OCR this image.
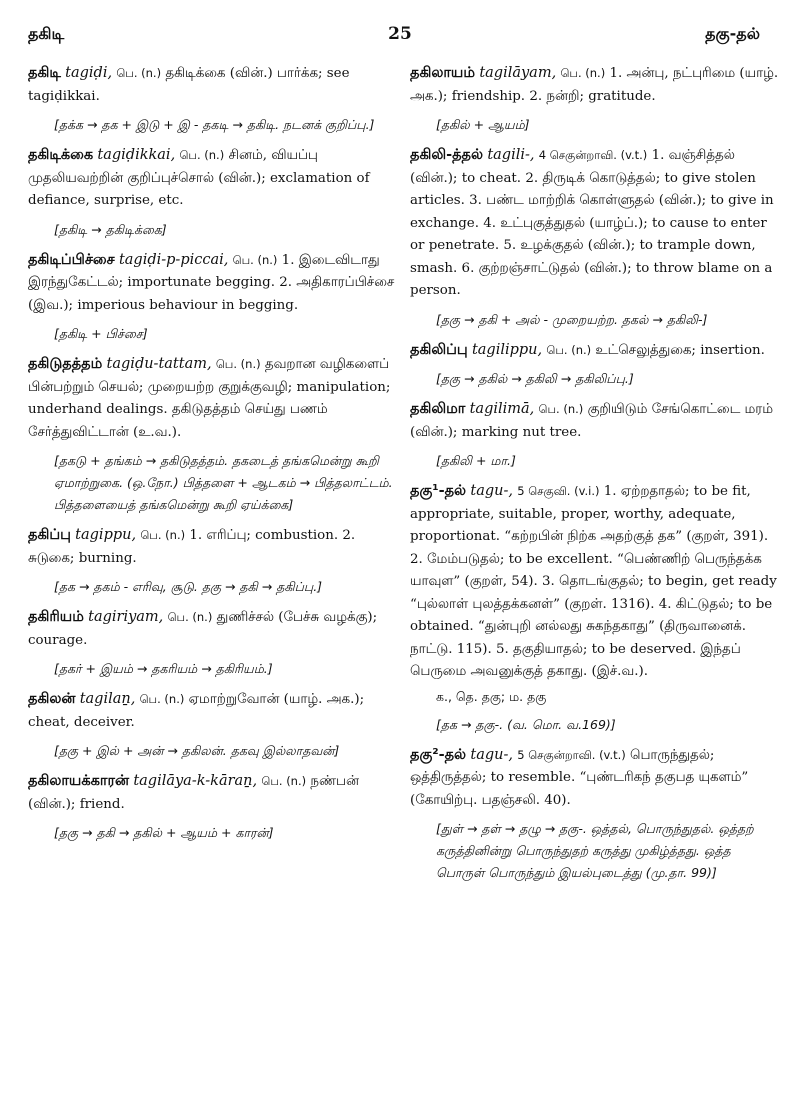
தகிடி	25	தகு-தல்

தகிடி tagiḍi, பெ. (n.) தகிடிக்கை (வின்.) பார்க்க; see tagiḍikkai.

[தக்க → தக + இடு + இ - தகடி → தகிடி. நடனக் குறிப்பு.]

தகிடிக்கை tagiḍikkai, பெ. (n.) சினம், வியப்பு முதலியவற்றின் குறிப்புச்சொல் (வின்.); exclamation of defiance, surprise, etc.

[தகிடி → தகிடிக்கை]

தகிடிப்பிச்சை tagiḍi-p-piccai, பெ. (n.) 1. இடைவிடாது இரந்துகேட்டல்; importunate begging. 2. அதிகாரப்பிச்சை (இவ.); imperious behaviour in begging.

[தகிடி + பிச்சை]

தகிடுதத்தம் tagiḍu-tattam, பெ. (n.) தவறான வழிகளைப் பின்பற்றும் செயல்; முறையற்ற குறுக்குவழி; manipulation; underhand dealings. தகிடுதத்தம் செய்து பணம் சேர்த்துவிட்டான் (உ.வ.).

[தகடு + தங்கம் → தகிடுதத்தம். தகடைத் தங்கமென்று கூறி ஏமாற்றுகை. (ஒ.நோ.) பித்தளை + ஆடகம் → பித்தலாட்டம். பித்தளையைத் தங்கமென்று கூறி ஏய்க்கை]

தகிப்பு tagippu, பெ. (n.) 1. எரிப்பு; combustion. 2. சுடுகை; burning.

[தக → தகம் - எரிவு, சூடு. தகு → தகி → தகிப்பு.]

தகிரியம் tagiriyam, பெ. (n.) துணிச்சல் (பேச்சு வழக்கு); courage.

[தகர் + இயம் → தகரியம் → தகிரியம்.]

தகிலன் tagilaṉ, பெ. (n.) ஏமாற்றுவோன் (யாழ். அக.); cheat, deceiver.

[தகு + இல் + அன் → தகிலன். தகவு இல்லாதவன்]

தகிலாயக்காரன் tagilāya-k-kāraṉ, பெ. (n.) நண்பன் (வின்.); friend.

[தகு → தகி → தகில் + ஆயம் + காரன்]

தகிலாயம் tagilāyam, பெ. (n.) 1. அன்பு, நட்புரிமை (யாழ். அக.); friendship. 2. நன்றி; gratitude.

[தகில் + ஆயம்]

தகிலி-த்தல் tagili-, 4 செகுன்றாவி. (v.t.) 1. வஞ்சித்தல் (வின்.); to cheat. 2. திருடிக் கொடுத்தல்; to give stolen articles. 3. பண்ட மாற்றிக் கொள்ளுதல் (வின்.); to give in exchange. 4. உட்புகுத்துதல் (யாழ்ப்.); to cause to enter or penetrate. 5. உழக்குதல் (வின்.); to trample down, smash. 6. குற்றஞ்சாட்டுதல் (வின்.); to throw blame on a person.

[தகு → தகி + அல் - முறையற்ற. தகல் → தகிலி-]

தகிலிப்பு tagilippu, பெ. (n.) உட்செலுத்துகை; insertion.

[தகு → தகில் → தகிலி → தகிலிப்பு.]

தகிலிமா tagilimā, பெ. (n.) குறியிடும் சேங்கொட்டை மரம் (வின்.); marking nut tree.

[தகிலி + மா.]

தகு¹-தல் tagu-, 5 செகுவி. (v.i.) 1. ஏற்றதாதல்; to be fit, appropriate, suitable, proper, worthy, adequate, proportionat. “கற்றபின் நிற்க அதற்குத் தக” (குறள், 391). 2. மேம்படுதல்; to be excellent. “பெண்ணிற் பெருந்தக்க யாவுள” (குறள், 54). 3. தொடங்குதல்; to begin, get ready “புல்லாள் புலத்தக்கனள்” (குறள். 1316). 4. கிட்டுதல்; to be obtained. “துன்புறி னல்லது சுகந்தகாது” (திருவானைக். நாட்டு. 115). 5. தகுதியாதல்; to be deserved. இந்தப் பெருமை அவனுக்குத் தகாது. (இச்.வ.).

க., தெ. தகு; ம. தகு
[தக → தகு-. (வ. மொ. வ.169)]

தகு²-தல் tagu-, 5 செகுன்றாவி. (v.t.) பொருந்துதல்; ஒத்திருத்தல்; to resemble. “புண்டரிகந் தகுபத யுகளம்” (கோயிற்பு. பதஞ்சலி. 40).

[துள் → தள் → தழு → தகு-. ஒத்தல், பொருந்துதல். ஒத்தற் கருத்தினின்று பொருந்துதற் கருத்து முகிழ்த்தது. ஒத்த பொருள் பொருந்தும் இயல்புடைத்து (மு.தா. 99)]
